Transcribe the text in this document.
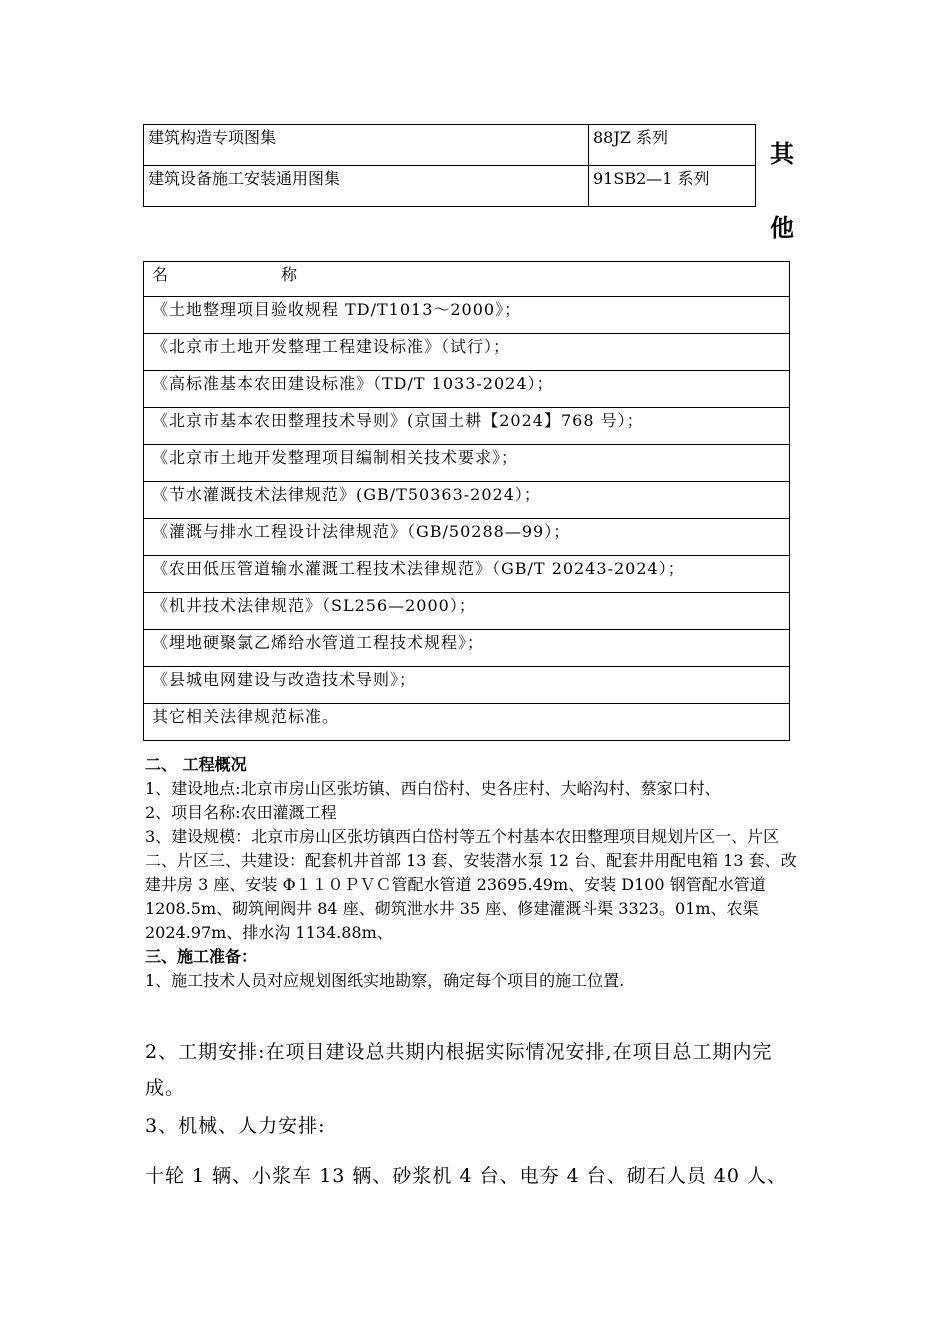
建筑构造专项图集	88JZ 系列
建筑设备施工安装通用图集	91SB2—1 系列
其
他
名	称
《土地整理项目验收规程 TD/T1013～2000》；
《北京市土地开发整理工程建设标准》（试行）；
《高标准基本农田建设标准》（TD/T 1033-2024）；
《北京市基本农田整理技术导则》(京国土耕【2024】768 号）；
《北京市土地开发整理项目编制相关技术要求》；
《节水灌溉技术法律规范》(GB/T50363-2024）；
《灌溉与排水工程设计法律规范》（GB/50288—99）；
《农田低压管道输水灌溉工程技术法律规范》（GB/T 20243-2024）；
《机井技术法律规范》（SL256—2000）；
《埋地硬聚氯乙烯给水管道工程技术规程》；
《县城电网建设与改造技术导则》；
其它相关法律规范标准。

二、 工程概况

1、建设地点:北京市房山区张坊镇、西白岱村、史各庄村、大峪沟村、蔡家口村、

2、项目名称:农田灌溉工程

3、建设规模：北京市房山区张坊镇西白岱村等五个村基本农田整理项目规划片区一、片区二、片区三、共建设：配套机井首部 13 套、安装潜水泵 12 台、配套井用配电箱 13 套、改建井房 3 座、安装 Φ１１０ＰＶＣ管配水管道 23695.49m、安装 D100 钢管配水管道 1208.5m、砌筑闸阀井 84 座、砌筑泄水井 35 座、修建灌溉斗渠 3323。01m、农渠 2024.97m、排水沟 1134.88m、

三、施工准备：

1、施工技术人员对应规划图纸实地勘察，确定每个项目的施工位置.

2、工期安排:在项目建设总共期内根据实际情况安排,在项目总工期内完成。
3、机械、人力安排:
十轮 1 辆、小浆车 13 辆、砂浆机 4 台、电夯 4 台、砌石人员 40 人、
